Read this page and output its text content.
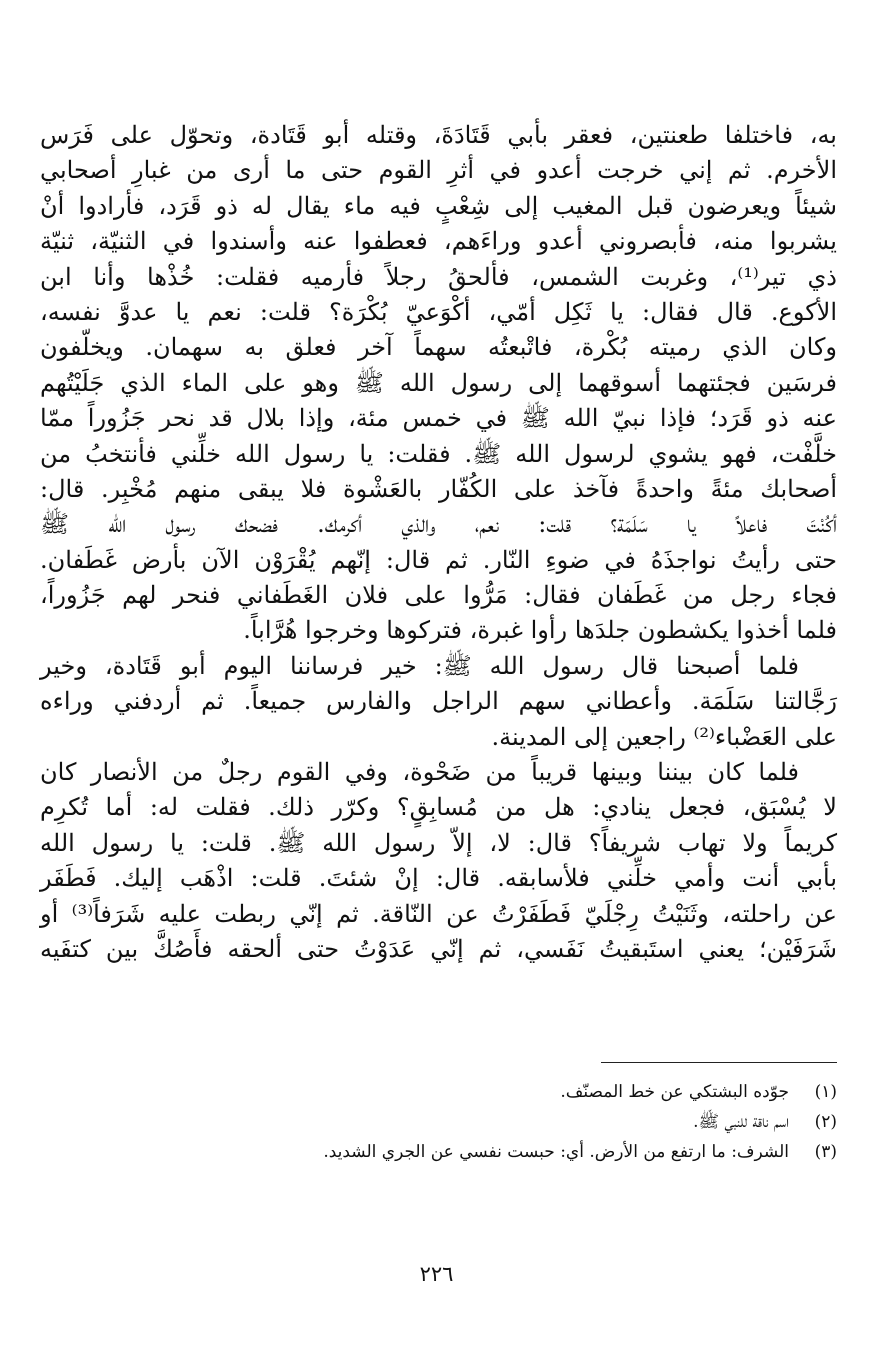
به، فاختلفا طعنتين، فعقر بأبي قَتَادَةَ، وقتله أبو قَتَادة، وتحوّل على فَرَس
الأخرم. ثم إني خرجت أعدو في أثرِ القوم حتى ما أرى من غبارِ أصحابي
شيئاً ويعرضون قبل المغيب إلى شِعْبٍ فيه ماء يقال له ذو قَرَد، فأرادوا أنْ
يشربوا منه، فأبصروني أعدو وراءَهم، فعطفوا عنه وأسندوا في الثنيّة، ثنيّة
ذي تير⁽¹⁾، وغربت الشمس، فألحقُ رجلاً فأرميه فقلت: خُذْها وأنا ابن
الأكوع. قال فقال: يا ثَكِل أمّي، أكْوَعيّ بُكْرَة؟ قلت: نعم يا عدوَّ نفسه،
وكان الذي رميته بُكْرة، فاتْبعتُه سهماً آخر فعلق به سهمان. ويخلّفون
فرسَين فجئتهما أسوقهما إلى رسول الله ﷺ وهو على الماء الذي جَلَيْتُهم
عنه ذو قَرَد؛ فإذا نبيّ الله ﷺ في خمس مئة، وإذا بلال قد نحر جَزُوراً ممّا
خلَّفْت، فهو يشوي لرسول الله ﷺ. فقلت: يا رسول الله خلِّني فأنتخبُ من
أصحابك مئةً واحدةً فآخذ على الكُفّار بالعَشْوة فلا يبقى منهم مُخْبِر. قال:
أكُنْتَ فاعلاً يا سَلَمَة؟ قلت: نعم، والذي أكرمك. فضحك رسول الله ﷺ
حتى رأيتُ نواجذَهُ في ضوءِ النّار. ثم قال: إنّهم يُقْرَوْن الآن بأرض غَطَفان.
فجاء رجل من غَطَفان فقال: مَرُّوا على فلان الغَطَفاني فنحر لهم جَزُوراً،
فلما أخذوا يكشطون جلدَها رأوا غبرة، فتركوها وخرجوا هُرَّاباً.
فلما أصبحنا قال رسول الله ﷺ: خير فرساننا اليوم أبو قَتَادة، وخير
رَجَّالتنا سَلَمَة. وأعطاني سهم الراجل والفارس جميعاً. ثم أردفني وراءه
على العَضْباء⁽²⁾ راجعين إلى المدينة.
فلما كان بيننا وبينها قريباً من ضَحْوة، وفي القوم رجلٌ من الأنصار كان
لا يُسْبَق، فجعل ينادي: هل من مُسابِقٍ؟ وكرّر ذلك. فقلت له: أما تُكرِم
كريماً ولا تهاب شريفاً؟ قال: لا، إلاّ رسول الله ﷺ. قلت: يا رسول الله
بأبي أنت وأمي خلِّني فلأسابقه. قال: إنْ شئتَ. قلت: اذْهَب إليك. فَطَفَر
عن راحلته، وثَنَيْتُ رِجْلَيّ فَطَفَرْتُ عن النّاقة. ثم إنّي ربطت عليه شَرَفاً⁽³⁾ أو
شَرَفَيْن؛ يعني استَبقيتُ نَفَسي، ثم إنّي عَدَوْتُ حتى ألحقه فأَصُكَّ بين كتفَيه
(١)
جوّده البشتكي عن خط المصنّف.
(٢)
اسم ناقة للنبي ﷺ.
(٣)
الشرف: ما ارتفع من الأرض. أي: حبست نفسي عن الجري الشديد.
٢٢٦
